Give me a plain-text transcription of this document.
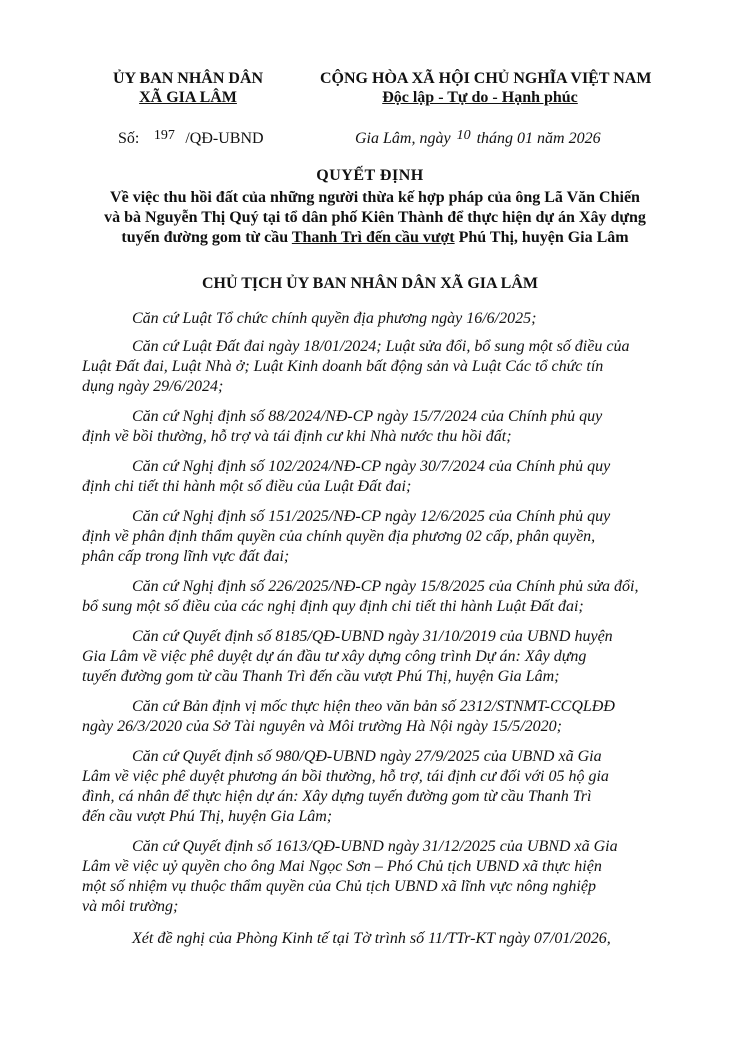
ỦY BAN NHÂN DÂN
XÃ GIA LÂM
CỘNG HÒA XÃ HỘI CHỦ NGHĨA VIỆT NAM
Độc lập - Tự do - Hạnh phúc
Số: 197 /QĐ-UBND	Gia Lâm, ngày 10 tháng 01 năm 2026
QUYẾT ĐỊNH
Về việc thu hồi đất của những người thừa kế hợp pháp của ông Lã Văn Chiến
và bà Nguyễn Thị Quý tại tổ dân phố Kiên Thành để thực hiện dự án Xây dựng
tuyến đường gom từ cầu Thanh Trì đến cầu vượt Phú Thị, huyện Gia Lâm
CHỦ TỊCH ỦY BAN NHÂN DÂN XÃ GIA LÂM
Căn cứ Luật Tổ chức chính quyền địa phương ngày 16/6/2025;
Căn cứ Luật Đất đai ngày 18/01/2024; Luật sửa đổi, bổ sung một số điều của
Luật Đất đai, Luật Nhà ở; Luật Kinh doanh bất động sản và Luật Các tổ chức tín
dụng ngày 29/6/2024;
Căn cứ Nghị định số 88/2024/NĐ-CP ngày 15/7/2024 của Chính phủ quy
định về bồi thường, hỗ trợ và tái định cư khi Nhà nước thu hồi đất;
Căn cứ Nghị định số 102/2024/NĐ-CP ngày 30/7/2024 của Chính phủ quy
định chi tiết thi hành một số điều của Luật Đất đai;
Căn cứ Nghị định số 151/2025/NĐ-CP ngày 12/6/2025 của Chính phủ quy
định về phân định thẩm quyền của chính quyền địa phương 02 cấp, phân quyền,
phân cấp trong lĩnh vực đất đai;
Căn cứ Nghị định số 226/2025/NĐ-CP ngày 15/8/2025 của Chính phủ sửa đổi,
bổ sung một số điều của các nghị định quy định chi tiết thi hành Luật Đất đai;
Căn cứ Quyết định số 8185/QĐ-UBND ngày 31/10/2019 của UBND huyện
Gia Lâm về việc phê duyệt dự án đầu tư xây dựng công trình Dự án: Xây dựng
tuyến đường gom từ cầu Thanh Trì đến cầu vượt Phú Thị, huyện Gia Lâm;
Căn cứ Bản định vị mốc thực hiện theo văn bản số 2312/STNMT-CCQLĐĐ
ngày 26/3/2020 của Sở Tài nguyên và Môi trường Hà Nội ngày 15/5/2020;
Căn cứ Quyết định số 980/QĐ-UBND ngày 27/9/2025 của UBND xã Gia
Lâm về việc phê duyệt phương án bồi thường, hỗ trợ, tái định cư đối với 05 hộ gia
đình, cá nhân để thực hiện dự án: Xây dựng tuyến đường gom từ cầu Thanh Trì
đến cầu vượt Phú Thị, huyện Gia Lâm;
Căn cứ Quyết định số 1613/QĐ-UBND ngày 31/12/2025 của UBND xã Gia
Lâm về việc uỷ quyền cho ông Mai Ngọc Sơn – Phó Chủ tịch UBND xã thực hiện
một số nhiệm vụ thuộc thẩm quyền của Chủ tịch UBND xã lĩnh vực nông nghiệp
và môi trường;
Xét đề nghị của Phòng Kinh tế tại Tờ trình số 11/TTr-KT ngày 07/01/2026,
